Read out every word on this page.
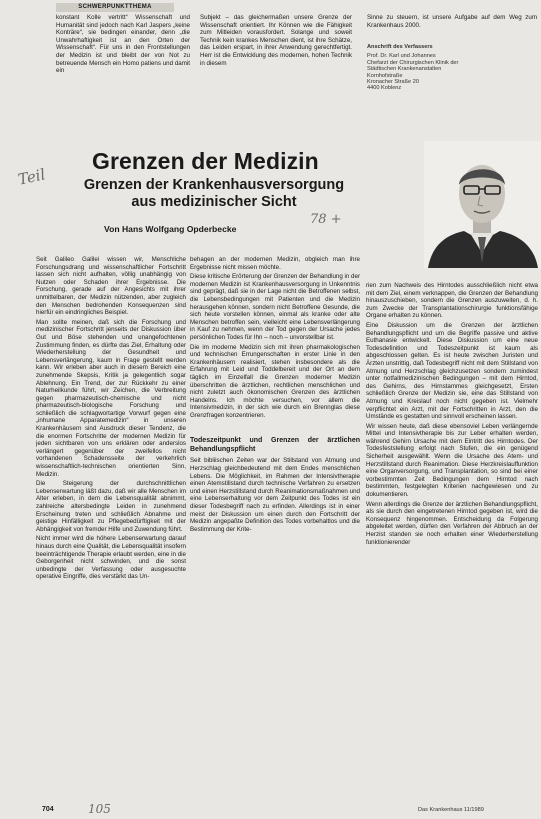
SCHWERPUNKTTHEMA

konstant Kolle vertritt“ Wissenschaft und Humanität sind jedoch nach Karl Jaspers „keine Konträre“, sie bedingen einander, denn „die Unwahrhaftigkeit ist an den Orten der Wissenschaft“. Für uns in den Frontstellungen der Medizin ist und bleibt der von Not zu betreuende Mensch ein Homo patiens und damit ein

Subjekt – das gleichermaßen unsere Grenze der Wissenschaft orientiert. Ihr Können wie die Fähigkeit zum Mitleiden vorausfordert. Solange und soweit Technik kein krankes Menschen dient, ist ihre Schätze, das Leiden erspart, in ihrer Anwendung gerechtfertigt. Herr ist die Entwicklung des modernen, hohen Technik in diesem

Sinne zu steuern, ist unsere Aufgabe auf dem Weg zum Krankenhaus 2000.

Anschrift des Verfassers
Prof. Dr. Karl und Johannes
Chefarzt der Chirurgischen Klinik der
Städtischen Krankenanstalten Kornhofstraße
Kronacher Straße 20
4400 Koblenz
Grenzen der Medizin
Grenzen der Krankenhausversorgung aus medizinischer Sicht
Von Hans Wolfgang Opderbecke
Teil
78 +

Seit Galileo Galilei wissen wir, Menschliche Forschungsdrang und wissenschaftlicher Fortschritt lassen sich nicht aufhalten, völlig unabhängig von Nutzen oder Schaden ihrer Ergebnisse. Die Forschung, gerade auf der Angesichts mit ihrer unmittelbaren, der Medizin nützenden, aber zugleich den Menschen bedrohenden Konsequenzen sind hierfür ein eindringliches Beispiel.

Man sollte meinen, daß sich die Forschung und medizinischer Fortschritt jenseits der Diskussion über Gut und Böse stehenden und unangefochtenen Zustimmung finden, es dürfte das Ziel, Erhaltung oder Wiederherstellung der Gesundheit und Lebensverlängerung, kaum in Frage gestellt werden kann. Wir erleben aber auch in diesem Bereich eine zunehmende Skepsis, Kritik ja gelegentlich sogar Ablehnung. Ein Trend, der zur Rückkehr zu einer Naturheilkunde führt, wir Zeichen, die Verbreitung gegen pharmazeutisch-chemische und nicht pharmazeutisch-biologische Forschung und schließlich die schlagwortartige Vorwurf gegen eine „inhumane Apparatemedizin“ in unseren Krankenhäusern sind Ausdruck dieser Tendenz, die die enormen Fortschritte der modernen Medizin für jeden sichtbaren von uns erklären oder anderslos verlängert gegenüber der zweifellos nicht vorhandenen Schadensseite der verkehrlich wissenschaftlich-technischen orientierten Sinn, Medizin.

Die Steigerung der durchschnittlichen Lebenserwartung läßt dazu, daß wir alle Menschen im Alter erleben, in dem die Lebensqualität abnimmt, zahlreiche altersbedingte Leiden in zunehmend Erscheinung treten und schließlich Abnahme und geistige Hinfälligkeit zu Pflegebedürftigkeit mit der Abhängigkeit von fremder Hilfe und Zuwendung führt.

Nicht immer wird die höhere Lebenserwartung darauf hinaus durch eine Qualität, die Lebensqualität insofern beeinträchtigende Therapie erlaubt werden, eine in die Geborgenheit nicht schwinden, und die sonst unbedingte der Verfassung oder ausgesuchte operative Eingriffe, dies verstärkt das Un-

behagen an der modernen Medizin, obgleich man ihre Ergebnisse nicht missen möchte.

Diese kritische Erörterung der Grenzen der Behandlung in der modernen Medizin ist Krankenhausversorgung in Unkenntnis sind geprägt, daß sie in der Lage nicht die Betroffenen selbst, die Lebensbedingungen mit Patienten und die Medizin herausgehen können, sondern nicht Betroffene Gesunde, die sich heute vorstellen können, einmal als kranke oder alte Menschen betroffen sein, vielleicht eine Lebensverlängerung in Kauf zu nehmen, wenn der Tod gegen der Ursache jedes persönlichen Todes für Ihn – noch – unvorstellbar ist.

Die im moderne Medizin sich mit ihren pharmakologischen und technischen Errungenschaften in erster Linie in den Krankenhäusern realisiert, stehen insbesondere als die Erfahrung mit Leid und Toddelbereit und der Ort an dem täglich im Einzelfall die Grenzen moderner Medizin überschritten die ärztlichen, rechtlichen menschlichen und nicht zuletzt auch ökonomischen Grenzen des ärztlichen Handelns. Ich möchte versuchen, vor allem die Intensivmedizin, in der sich wie durch ein Brennglas diese Grenzfragen konzentrieren.

Todeszeitpunkt und Grenzen der ärztlichen Behandlungspflicht

Seit bibliischen Zeiten war der Stillstand von Atmung und Herzschlag gleichbedeutend mit dem Endes menschlichen Lebens. Die Möglichkeit, im Rahmen der Intensivtherapie einen Atemstillstand durch technische Verfahren zu ersetzen und einen Herzstillstand durch Reanimationsmaßnahmen und eine Lebenserhaltung vor dem Zeitpunkt des Todes ist ein dieser Todesbegriff nach zu erfinden. Allerdings ist in einer meist der Diskussion um einen durch den Fortschritt der Medizin angepaßte Definition des Todes vorbehaltlos und die Bestimmung der Krite-

rien zum Nachweis des Hirntodes ausschließlich nicht etwa mit dem Ziel, einem verknappen, die Grenzen der Behandlung hinauszuschieben, sondern die Grenzen auszuweiten, d. h. zum Zwecke der Transplantationschirurgie funktionsfähige Organe erhalten zu können.

Eine Diskussion um die Grenzen der ärztlichen Behandlungspflicht und um die Begriffe passive und aktive Euthanasie entwickelt. Diese Diskussion um eine neue Todesdefinition und Todeszeitpunkt ist kaum als abgeschlossen gelten. Es ist heute zwischen Juristen und Ärzten unstrittig, daß Todesbegriff nicht mit dem Stillstand von Atmung und Herzschlag gleichzusetzen sondern zumindest unter notfallmedizinischen Bedingungen – mit dem Hirntod, des Gehirns, des Hirnstammes gleichgesetzt, Ersten schließlich Grenze der Medizin sie, eine das Stillstand von Atmung und Kreislauf noch nicht gegeben ist. Vielmehr verpflichtet ein Arzt, mit der Fortschritten in Arzt, den die Umstände es gestatten und sinnvoll erscheinen lassen.

Wir wissen heute, daß diese ebensoviel Leben verlängernde Mittel und Intensivtherapie bis zur Leber erhalten werden, während Gehirn Ursache mit dem Eintritt des Hirntodes. Der Todesfeststellung erfolgt nach Stufen, die ein genügend Sicherheit ausgewählt. Wenn die Ursache des Atem- und Herzstillstand durch Reanimation. Diese Herzkreislauffunktion eine Organversorgung, und Transplantation, so sind bei einer vorbestimmten Zeit Bedingungen dem Hirntod nach bestimmten, festgelegten Kriterien nachgewiesen und zu dokumentieren.

Wenn allerdings die Grenze der ärztlichen Behandlungspflicht, als sie durch den eingetretenen Hirntod gegeben ist, wird die Konsequenz hingenommen. Entscheidung da Folgerung abgeleitet werden, dürfen den Verfahren der Abbruch an der Herzist standen sie noch erhalten einer Wiederherstellung funktionierender

704	105	Das Krankenhaus 11/1989
